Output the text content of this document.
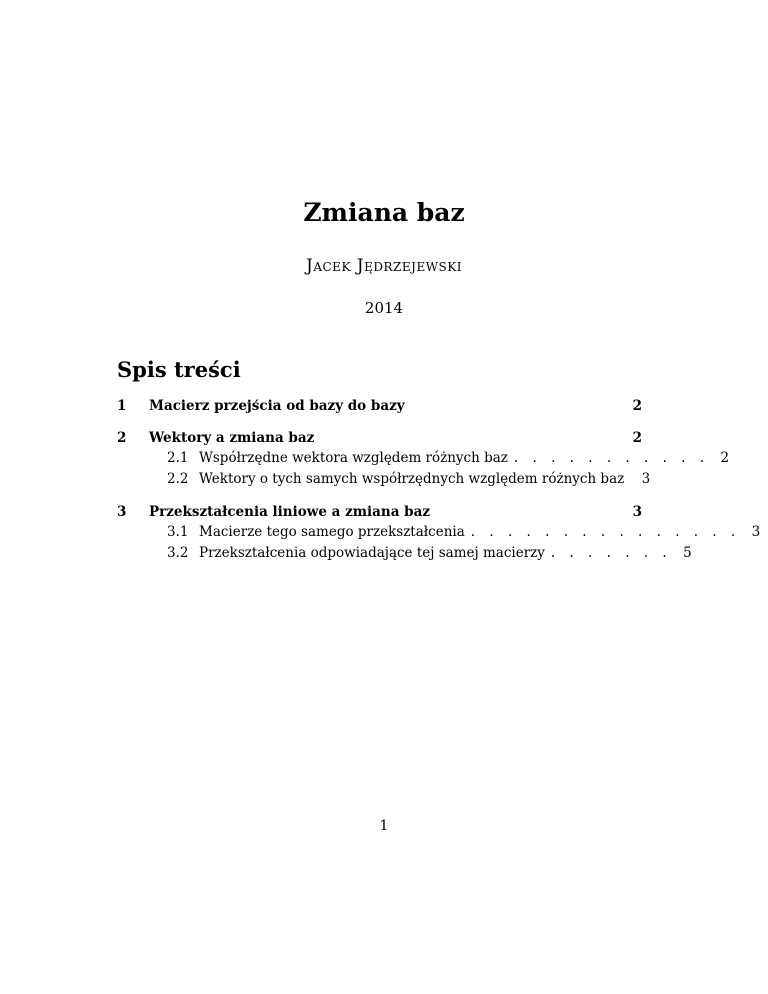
Zmiana baz
Jacek Jędrzejewski
2014
Spis treści
1	Macierz przejścia od bazy do bazy	2
2	Wektory a zmiana baz	2
2.1 Współrzędne wektora względem różnych baz . . . . . . . . . . . 2
2.2 Wektory o tych samych współrzędnych względem różnych baz	3
3	Przekształcenia liniowe a zmiana baz	3
3.1 Macierze tego samego przekształcenia . . . . . . . . . . . . . . . 3
3.2 Przekształcenia odpowiadające tej samej macierzy . . . . . . . 5
1
